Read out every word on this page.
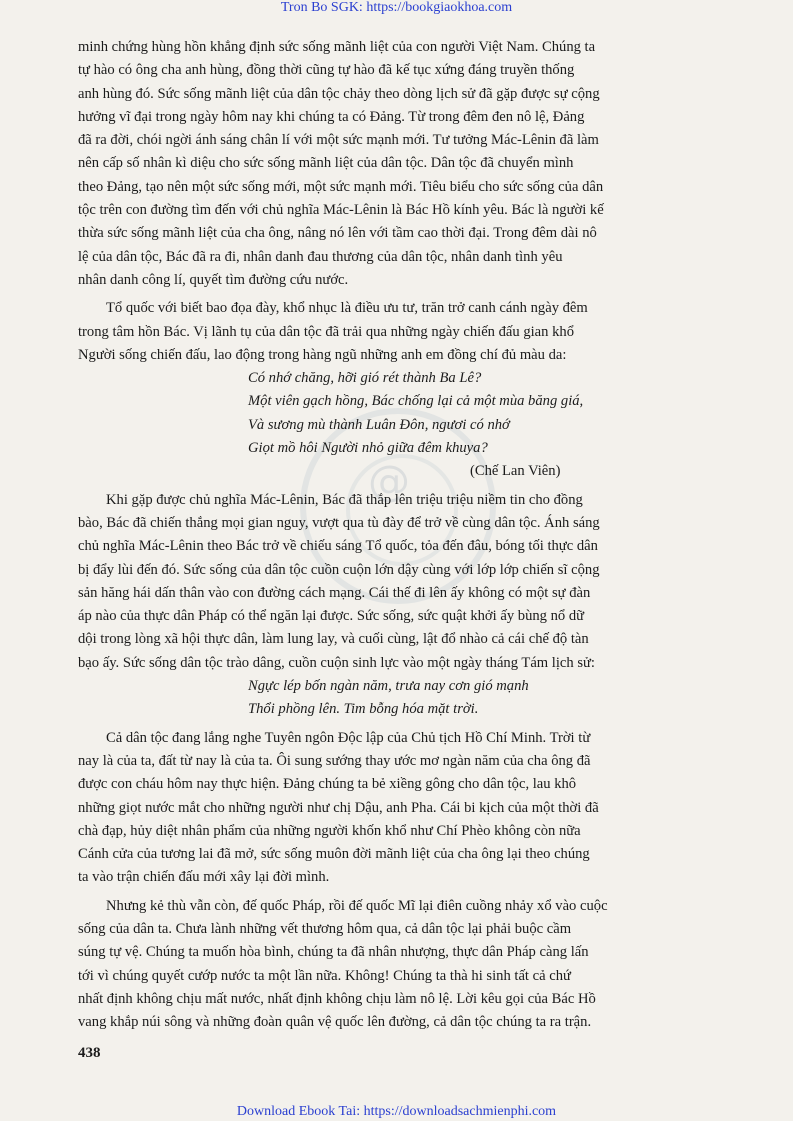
Tron Bo SGK: https://bookgiaokhoa.com
@
minh chứng hùng hồn khẳng định sức sống mãnh liệt của con người Việt Nam. Chúng ta
tự hào có ông cha anh hùng, đồng thời cũng tự hào đã kế tục xứng đáng truyền thống
anh hùng đó. Sức sống mãnh liệt của dân tộc chảy theo dòng lịch sử đã gặp được sự cộng
hưởng vĩ đại trong ngày hôm nay khi chúng ta có Đảng. Từ trong đêm đen nô lệ, Đảng
đã ra đời, chói ngời ánh sáng chân lí với một sức mạnh mới. Tư tưởng Mác-Lênin đã làm
nên cấp số nhân kì diệu cho sức sống mãnh liệt của dân tộc. Dân tộc đã chuyển mình
theo Đảng, tạo nên một sức sống mới, một sức mạnh mới. Tiêu biểu cho sức sống của dân
tộc trên con đường tìm đến với chủ nghĩa Mác-Lênin là Bác Hồ kính yêu. Bác là người kế
thừa sức sống mãnh liệt của cha ông, nâng nó lên với tầm cao thời đại. Trong đêm dài nô
lệ của dân tộc, Bác đã ra đi, nhân danh đau thương của dân tộc, nhân danh tình yêu
nhân danh công lí, quyết tìm đường cứu nước.
Tổ quốc với biết bao đọa đày, khổ nhục là điều ưu tư, trăn trở canh cánh ngày đêm
trong tâm hồn Bác. Vị lãnh tụ của dân tộc đã trải qua những ngày chiến đấu gian khổ
Người sống chiến đấu, lao động trong hàng ngũ những anh em đồng chí đủ màu da:
Có nhớ chăng, hỡi gió rét thành Ba Lê?
Một viên gạch hồng, Bác chống lại cả một mùa băng giá,
Và sương mù thành Luân Đôn, ngươi có nhớ
Giọt mồ hôi Người nhỏ giữa đêm khuya?
(Chế Lan Viên)
Khi gặp được chủ nghĩa Mác-Lênin, Bác đã thắp lên triệu triệu niềm tin cho đồng
bào, Bác đã chiến thắng mọi gian nguy, vượt qua tù đày để trở về cùng dân tộc. Ánh sáng
chủ nghĩa Mác-Lênin theo Bác trở về chiếu sáng Tổ quốc, tỏa đến đâu, bóng tối thực dân
bị đẩy lùi đến đó. Sức sống của dân tộc cuồn cuộn lớn dậy cùng với lớp lớp chiến sĩ cộng
sản hăng hái dấn thân vào con đường cách mạng. Cái thế đi lên ấy không có một sự đàn
áp nào của thực dân Pháp có thể ngăn lại được. Sức sống, sức quật khởi ấy bùng nổ dữ
dội trong lòng xã hội thực dân, làm lung lay, và cuối cùng, lật đổ nhào cả cái chế độ tàn
bạo ấy. Sức sống dân tộc trào dâng, cuồn cuộn sinh lực vào một ngày tháng Tám lịch sử:
Ngực lép bốn ngàn năm, trưa nay cơn gió mạnh
Thổi phồng lên. Tim bỗng hóa mặt trời.
Cả dân tộc đang lắng nghe Tuyên ngôn Độc lập của Chủ tịch Hồ Chí Minh. Trời từ
nay là của ta, đất từ nay là của ta. Ôi sung sướng thay ước mơ ngàn năm của cha ông đã
được con cháu hôm nay thực hiện. Đảng chúng ta bẻ xiềng gông cho dân tộc, lau khô
những giọt nước mắt cho những người như chị Dậu, anh Pha. Cái bi kịch của một thời đã
chà đạp, hủy diệt nhân phẩm của những người khốn khổ như Chí Phèo không còn nữa
Cánh cửa của tương lai đã mở, sức sống muôn đời mãnh liệt của cha ông lại theo chúng
ta vào trận chiến đấu mới xây lại đời mình.
Nhưng kẻ thù vẫn còn, đế quốc Pháp, rồi đế quốc Mĩ lại điên cuồng nhảy xổ vào cuộc
sống của dân ta. Chưa lành những vết thương hôm qua, cả dân tộc lại phải buộc cầm
súng tự vệ. Chúng ta muốn hòa bình, chúng ta đã nhân nhượng, thực dân Pháp càng lấn
tới vì chúng quyết cướp nước ta một lần nữa. Không! Chúng ta thà hi sinh tất cả chứ
nhất định không chịu mất nước, nhất định không chịu làm nô lệ. Lời kêu gọi của Bác Hồ
vang khắp núi sông và những đoàn quân vệ quốc lên đường, cả dân tộc chúng ta ra trận.
438
Download Ebook Tai: https://downloadsachmienphi.com
